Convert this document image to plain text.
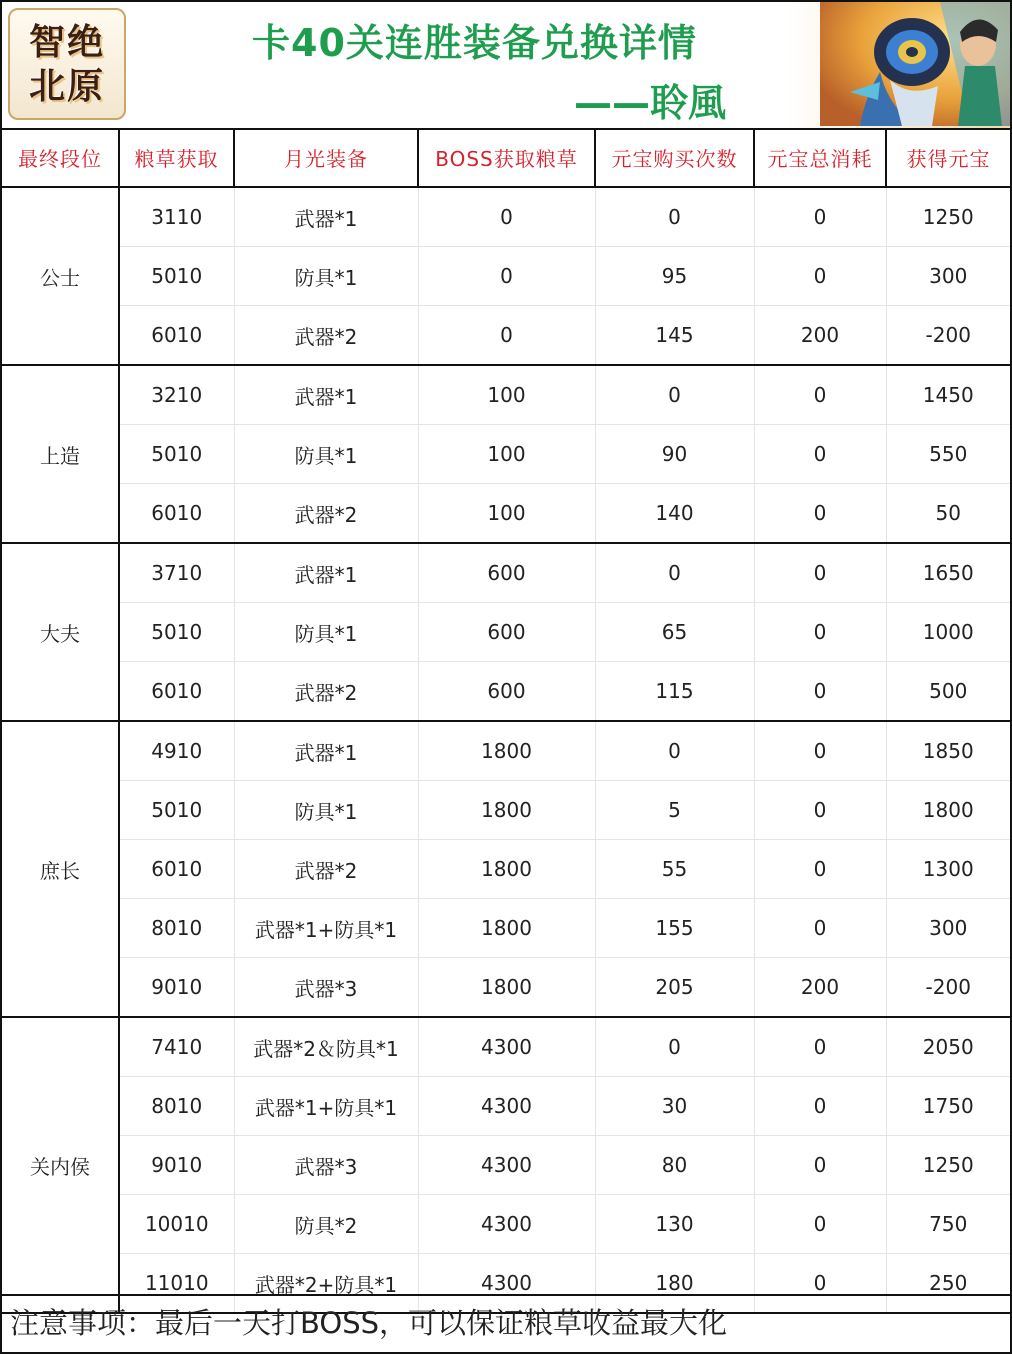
智绝
北原
卡40关连胜装备兑换详情
——聆風
最终段位	粮草获取	月光装备	BOSS获取粮草	元宝购买次数	元宝总消耗	获得元宝
公士	3110	武器*1	0	0	0	1250
	5010	防具*1	0	95	0	300
	6010	武器*2	0	145	200	-200
上造	3210	武器*1	100	0	0	1450
	5010	防具*1	100	90	0	550
	6010	武器*2	100	140	0	50
大夫	3710	武器*1	600	0	0	1650
	5010	防具*1	600	65	0	1000
	6010	武器*2	600	115	0	500
庶长	4910	武器*1	1800	0	0	1850
	5010	防具*1	1800	5	0	1800
	6010	武器*2	1800	55	0	1300
	8010	武器*1+防具*1	1800	155	0	300
	9010	武器*3	1800	205	200	-200
关内侯	7410	武器*2＆防具*1	4300	0	0	2050
	8010	武器*1+防具*1	4300	30	0	1750
	9010	武器*3	4300	80	0	1250
	10010	防具*2	4300	130	0	750
	11010	武器*2+防具*1	4300	180	0	250
注意事项：最后一天打BOSS，可以保证粮草收益最大化
